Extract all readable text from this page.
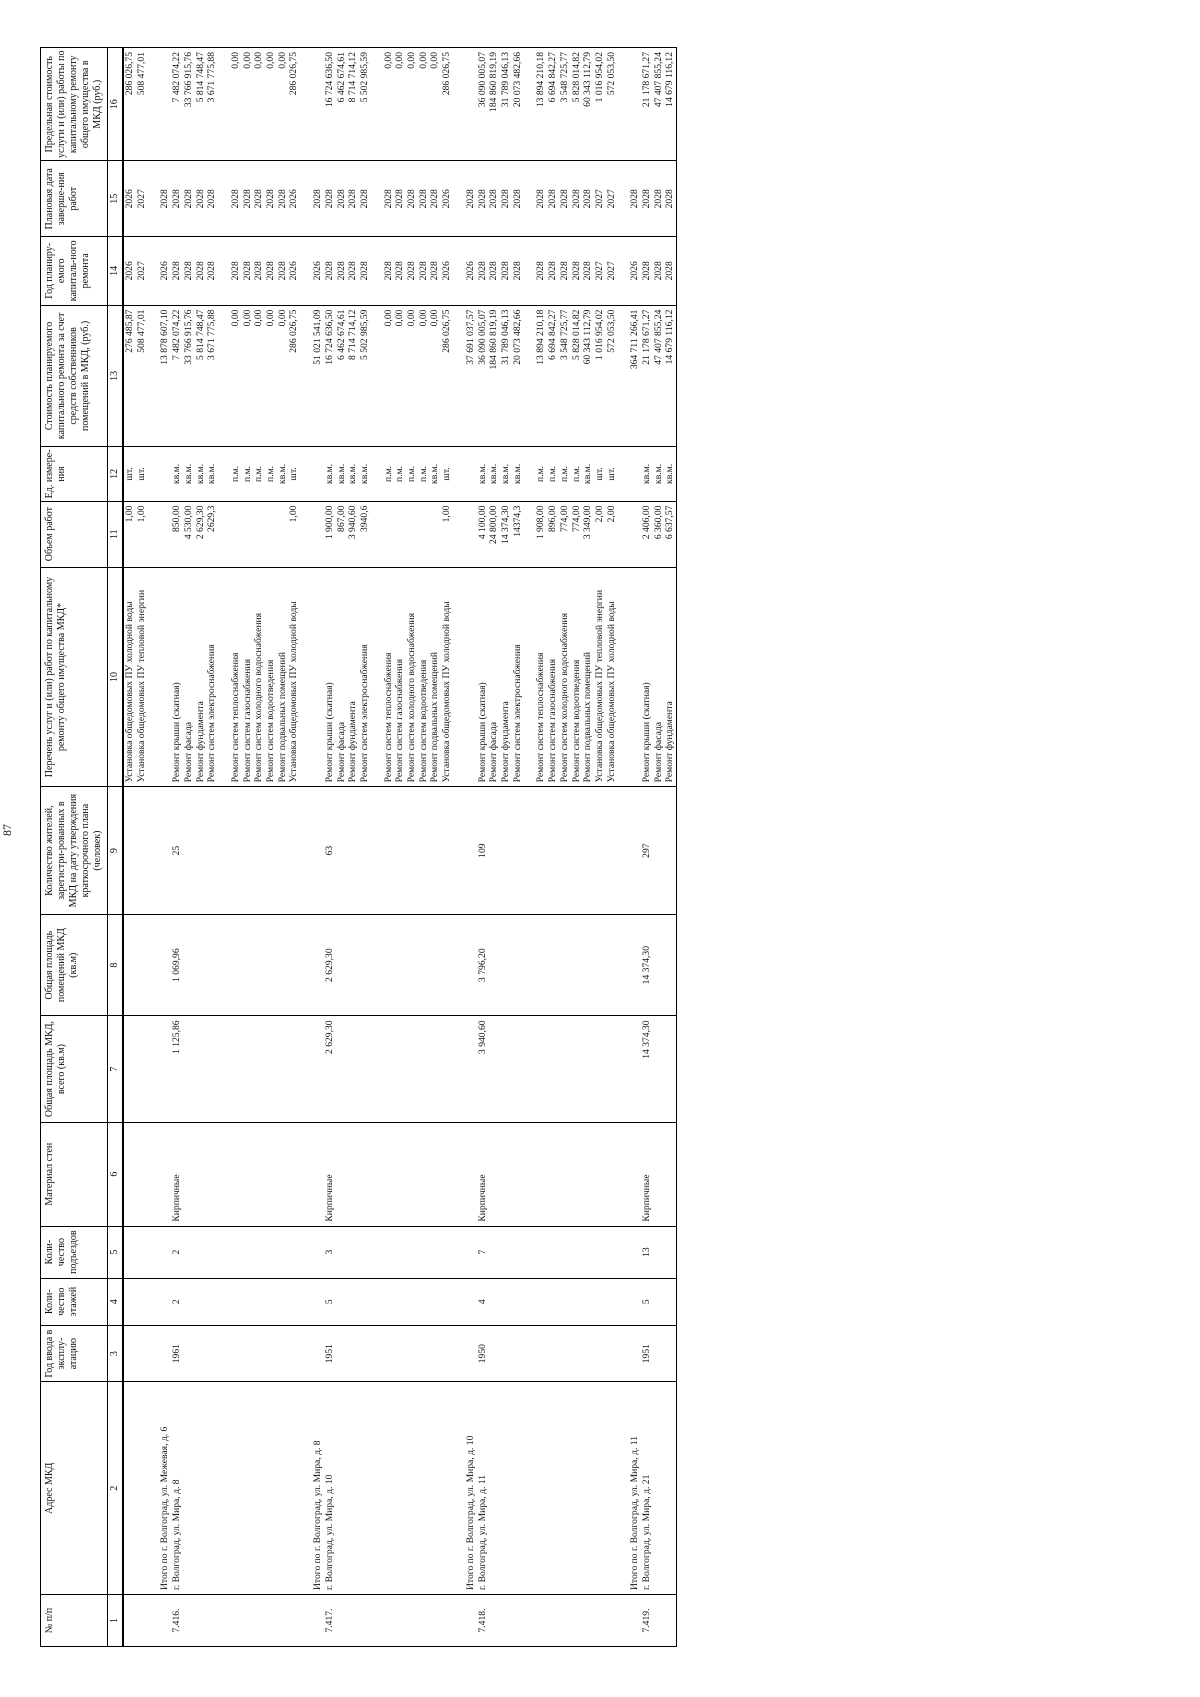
87
№ п/п	Адрес МКД	Год ввода в эксплу-атацию	Коли-чество этажей	Коли-чество подъездов	Материал стен	Общая площадь МКД, всего (кв.м)	Общая площадь помещений МКД (кв.м)	Количество жителей, зарегистри-рованных в МКД на дату утверждения краткосрочного плана (человек)	Перечень услуг и (или) работ по капитальному ремонту общего имущества МКД*	Объем работ	Ед. измере-ния	Стоимость планируемого капитального ремонта за счет средств собственников помещений в МКД, (руб.)	Год планиру-емого капиталь-ного ремонта	Плановая дата заверше-ния работ	Предельная стоимость услуги и (или) работы по капитальному ремонту общего имущества в МКД (руб.)
1	2	3	4	5	6	7	8	9	10	11	12	13	14	15	16
									Установка общедомовых ПУ холодной воды	1,00	шт.	276 485,87	2026	2026	286 026,75
									Установка общедомовых ПУ тепловой энергии	1,00	шт.	508 477,01	2027	2027	508 477,01

	Итого по г. Волгоград, ул. Межевая, д. 6											13 878 607,10	2026	2028	
7.416.	г. Волгоград, ул. Мира, д. 8	1961	2	2	Кирпичные	1 125,86	1 069,96	25	Ремонт крыши (скатная)	850,00	кв.м.	7 482 074,22	2028	2028	7 482 074,22
									Ремонт фасада	4 530,00	кв.м.	33 766 915,76	2028	2028	33 766 915,76
									Ремонт фундамента	2 629,30	кв.м.	5 814 748,47	2028	2028	5 814 748,47
									Ремонт систем электроснабжения	2629,3	кв.м.	3 671 775,88	2028	2028	3 671 775,88

									Ремонт систем теплоснабжения		п.м.	0,00	2028	2028	0,00
									Ремонт систем газоснабжения		п.м.	0,00	2028	2028	0,00
									Ремонт систем холодного водоснабжения		п.м.	0,00	2028	2028	0,00
									Ремонт систем водоотведения		п.м.	0,00	2028	2028	0,00
									Ремонт подвальных помещений		кв.м.	0,00	2028	2028	0,00
									Установка общедомовых ПУ холодной воды	1,00	шт.	286 026,75	2026	2026	286 026,75

	Итого по г. Волгоград, ул. Мира, д. 8											51 021 541,09	2026	2028	
7.417.	г. Волгоград, ул. Мира, д. 10	1951	5	3	Кирпичные	2 629,30	2 629,30	63	Ремонт крыши (скатная)	1 900,00	кв.м.	16 724 636,50	2028	2028	16 724 636,50
									Ремонт фасада	867,00	кв.м.	6 462 674,61	2028	2028	6 462 674,61
									Ремонт фундамента	3 940,60	кв.м.	8 714 714,12	2028	2028	8 714 714,12
									Ремонт систем электроснабжения	3940,6	кв.м.	5 502 985,59	2028	2028	5 502 985,59

									Ремонт систем теплоснабжения		п.м.	0,00	2028	2028	0,00
									Ремонт систем газоснабжения		п.м.	0,00	2028	2028	0,00
									Ремонт систем холодного водоснабжения		п.м.	0,00	2028	2028	0,00
									Ремонт систем водоотведения		п.м.	0,00	2028	2028	0,00
									Ремонт подвальных помещений		кв.м.	0,00	2028	2028	0,00
									Установка общедомовых ПУ холодной воды	1,00	шт.	286 026,75	2026	2026	286 026,75

	Итого по г. Волгоград, ул. Мира, д. 10											37 691 037,57	2026	2028	
7.418.	г. Волгоград, ул. Мира, д. 11	1950	4	7	Кирпичные	3 940,60	3 796,20	109	Ремонт крыши (скатная)	4 100,00	кв.м.	36 090 005,07	2028	2028	36 090 005,07
									Ремонт фасада	24 800,00	кв.м.	184 860 819,19	2028	2028	184 860 819,19
									Ремонт фундамента	14 374,30	кв.м.	31 789 046,13	2028	2028	31 789 046,13
									Ремонт систем электроснабжения	14374,3	кв.м.	20 073 482,66	2028	2028	20 073 482,66

									Ремонт систем теплоснабжения	1 908,00	п.м.	13 894 210,18	2028	2028	13 894 210,18
									Ремонт систем газоснабжения	896,00	п.м.	6 694 842,27	2028	2028	6 694 842,27
									Ремонт систем холодного водоснабжения	774,00	п.м.	3 548 725,77	2028	2028	3 548 725,77
									Ремонт систем водоотведения	774,00	п.м.	5 828 014,82	2028	2028	5 828 014,82
									Ремонт подвальных помещений	3 349,00	кв.м.	60 343 112,79	2028	2028	60 343 112,79
									Установка общедомовых ПУ тепловой энергии	2,00	шт.	1 016 954,02	2027	2027	1 016 954,02
									Установка общедомовых ПУ холодной воды	2,00	шт.	572 053,50	2027	2027	572 053,50

	Итого по г. Волгоград, ул. Мира, д. 11											364 711 266,41	2026	2028	
7.419.	г. Волгоград, ул. Мира, д. 21	1951	5	13	Кирпичные	14 374,30	14 374,30	297	Ремонт крыши (скатная)	2 406,00	кв.м.	21 178 671,27	2028	2028	21 178 671,27
									Ремонт фасада	6 360,00	кв.м.	47 407 855,24	2028	2028	47 407 855,24
									Ремонт фундамента	6 637,57	кв.м.	14 679 116,12	2028	2028	14 679 116,12
